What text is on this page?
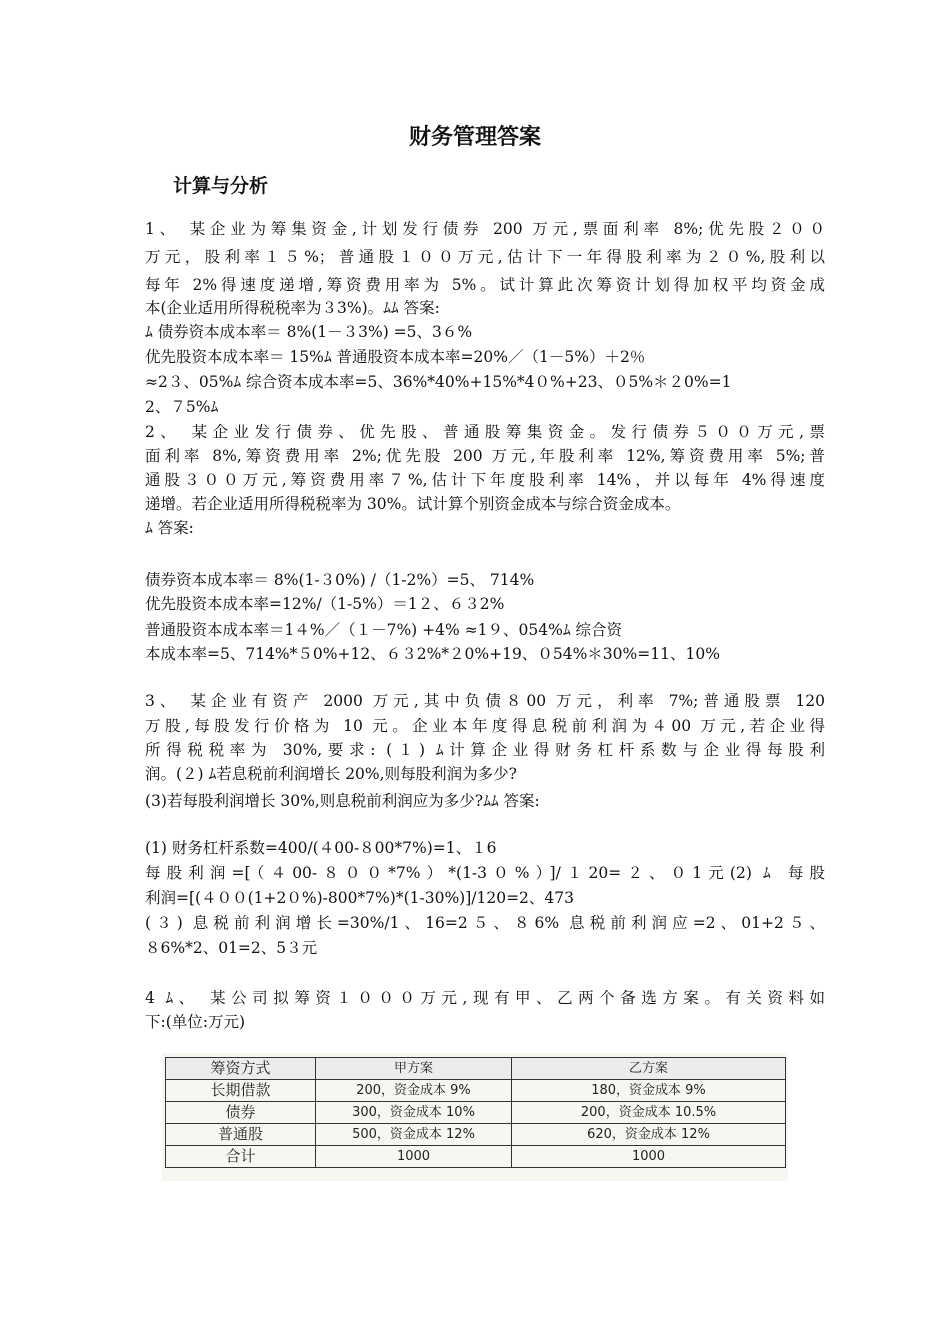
财务管理答案
计算与分析
1、 某企业为筹集资金,计划发行债券 200 万元,票面利率 8%;优先股２００
万元，股利率１５%；普通股１００万元,估计下一年得股利率为２０%,股利以
每年 2%得速度递增,筹资费用率为 5%。试计算此次筹资计划得加权平均资金成
本(企业适用所得税税率为３3%)。ﾑﾑ 答案:
ﾑ 债券资本成本率＝ 8%(1－３3%) =5、3６%
优先股资本成本率＝ 15%ﾑ 普通股资本成本率=20%／（1－5%）＋2％
≈2３、05%ﾑ 综合资本成本率=5、36%*40%+15%*4０%+23、０5%＊２0%=1
2、７5%ﾑ
2、 某企业发行债券、优先股、普通股筹集资金。发行债券５００万元,票
面利率 8%,筹资费用率 2%;优先股 200 万元,年股利率 12%,筹资费用率 5%;普
通股３００万元,筹资费用率７%,估计下年度股利率 14%，并以每年 4%得速度
递增。若企业适用所得税税率为 30%。试计算个别资金成本与综合资金成本。
ﾑ 答案:
债券资本成本率＝ 8%(1-３0%) /（1-2%）=5、 714%
优先股资本成本率=12%/（1-5%）＝1２、６３2%
普通股资本成本率＝1４%／（１－7%) +4% ≈1９、054%ﾑ 综合资
本成本率=5、714%*５0%+12、６３2%*２0%+19、０54%＊30%=11、10%
3、 某企业有资产 2000 万元,其中负债８00 万元，利率 7%;普通股票 120
万股,每股发行价格为 10 元。企业本年度得息税前利润为４00 万元,若企业得
所得税税率为 30%,要求: (１) ﾑ计算企业得财务杠杆系数与企业得每股利
润。(２) ﾑ若息税前利润增长 20%,则每股利润为多少?
(3)若每股利润增长 30%,则息税前利润应为多少?ﾑﾑ 答案:
(1) 财务杠杆系数=400/(４00-８00*7%)=1、１6
每股利润=[（４00-８００*7%）*(1-3０%）]/１20=２、０1元(2) ﾑ 每股
利润=[(４００(1+2０%)-800*7%)*(1-30%)]/120=2、473
(３) 息税前利润增长=30%/1、16=2５、８6% 息税前利润应=2、01+2５、
８6%*2、01=2、5３元
4 ﾑ、 某公司拟筹资１０００万元,现有甲、乙两个备选方案。有关资料如
下:(单位:万元)
筹资方式	甲方案	乙方案
长期借款	200，资金成本 9%	180，资金成本 9%
债券	300，资金成本 10%	200，资金成本 10.5%
普通股	500，资金成本 12%	620，资金成本 12%
合计	1000	1000
